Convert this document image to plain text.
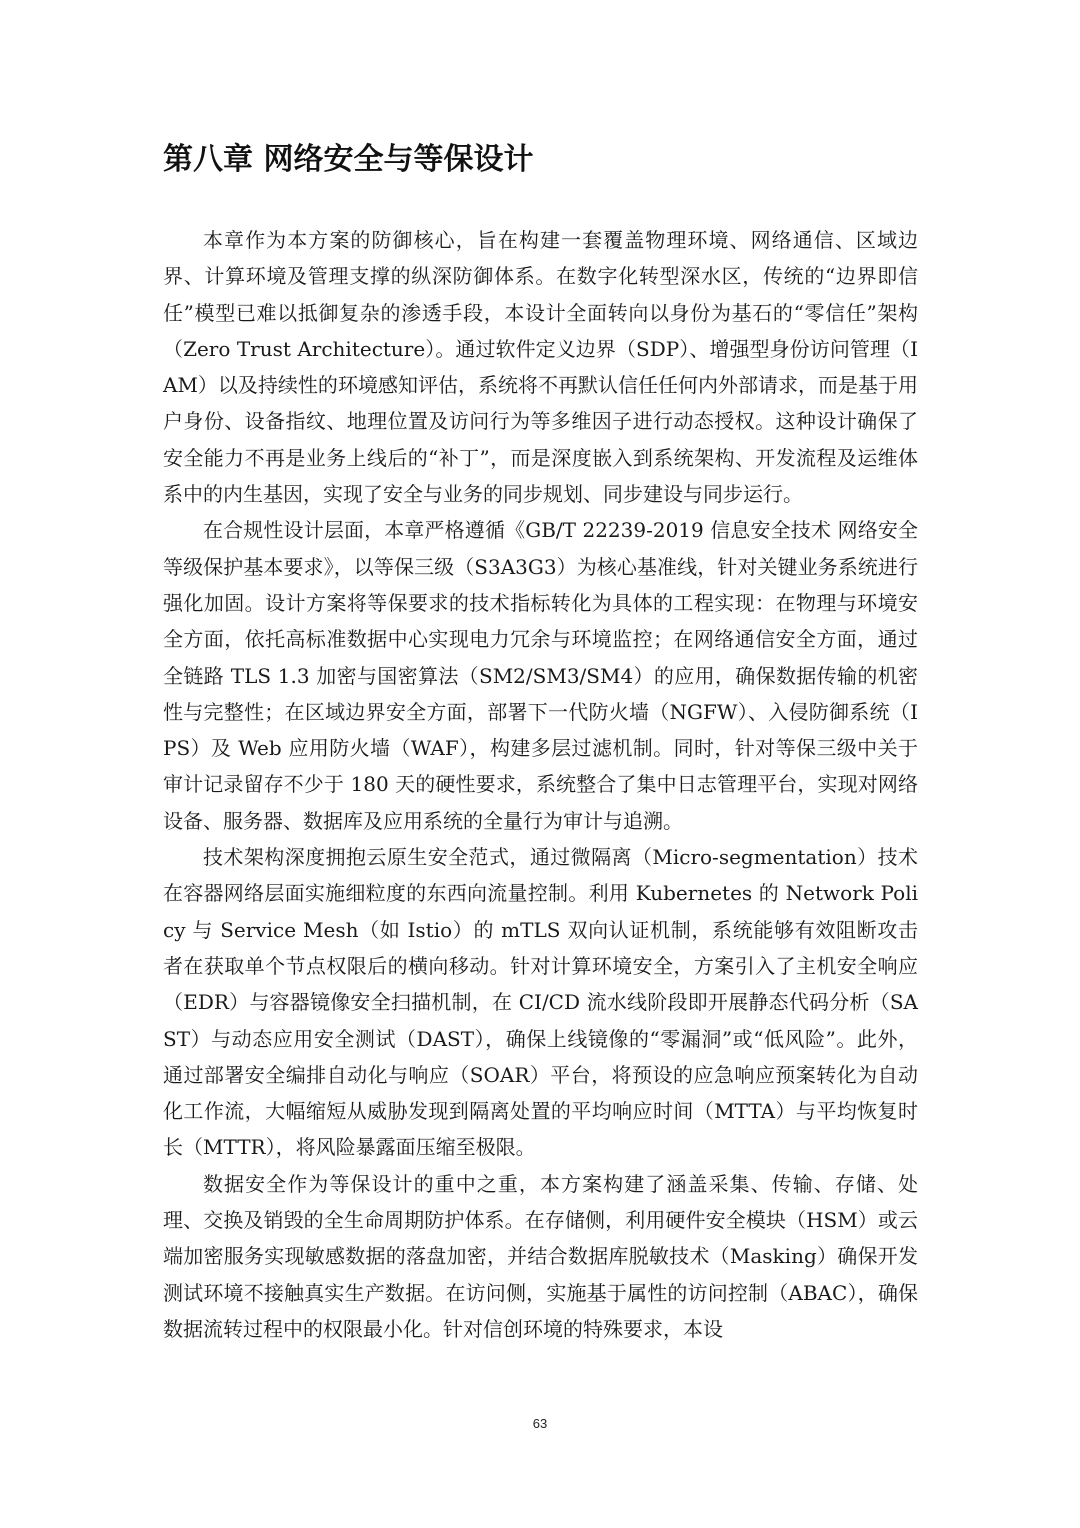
第八章 网络安全与等保设计

本章作为本方案的防御核心，旨在构建一套覆盖物理环境、网络通信、区域边界、计算环境及管理支撑的纵深防御体系。在数字化转型深水区，传统的“边界即信任”模型已难以抵御复杂的渗透手段，本设计全面转向以身份为基石的“零信任”架构（Zero Trust Architecture）。通过软件定义边界（SDP）、增强型身份访问管理（IAM）以及持续性的环境感知评估，系统将不再默认信任任何内外部请求，而是基于用户身份、设备指纹、地理位置及访问行为等多维因子进行动态授权。这种设计确保了安全能力不再是业务上线后的“补丁”，而是深度嵌入到系统架构、开发流程及运维体系中的内生基因，实现了安全与业务的同步规划、同步建设与同步运行。

在合规性设计层面，本章严格遵循《GB/T 22239-2019 信息安全技术 网络安全等级保护基本要求》，以等保三级（S3A3G3）为核心基准线，针对关键业务系统进行强化加固。设计方案将等保要求的技术指标转化为具体的工程实现：在物理与环境安全方面，依托高标准数据中心实现电力冗余与环境监控；在网络通信安全方面，通过全链路 TLS 1.3 加密与国密算法（SM2/SM3/SM4）的应用，确保数据传输的机密性与完整性；在区域边界安全方面，部署下一代防火墙（NGFW）、入侵防御系统（IPS）及 Web 应用防火墙（WAF），构建多层过滤机制。同时，针对等保三级中关于审计记录留存不少于 180 天的硬性要求，系统整合了集中日志管理平台，实现对网络设备、服务器、数据库及应用系统的全量行为审计与追溯。

技术架构深度拥抱云原生安全范式，通过微隔离（Micro-segmentation）技术在容器网络层面实施细粒度的东西向流量控制。利用 Kubernetes 的 Network Policy 与 Service Mesh（如 Istio）的 mTLS 双向认证机制，系统能够有效阻断攻击者在获取单个节点权限后的横向移动。针对计算环境安全，方案引入了主机安全响应（EDR）与容器镜像安全扫描机制，在 CI/CD 流水线阶段即开展静态代码分析（SAST）与动态应用安全测试（DAST），确保上线镜像的“零漏洞”或“低风险”。此外，通过部署安全编排自动化与响应（SOAR）平台，将预设的应急响应预案转化为自动化工作流，大幅缩短从威胁发现到隔离处置的平均响应时间（MTTA）与平均恢复时长（MTTR），将风险暴露面压缩至极限。

数据安全作为等保设计的重中之重，本方案构建了涵盖采集、传输、存储、处理、交换及销毁的全生命周期防护体系。在存储侧，利用硬件安全模块（HSM）或云端加密服务实现敏感数据的落盘加密，并结合数据库脱敏技术（Masking）确保开发测试环境不接触真实生产数据。在访问侧，实施基于属性的访问控制（ABAC），确保数据流转过程中的权限最小化。针对信创环境的特殊要求，本设

63
